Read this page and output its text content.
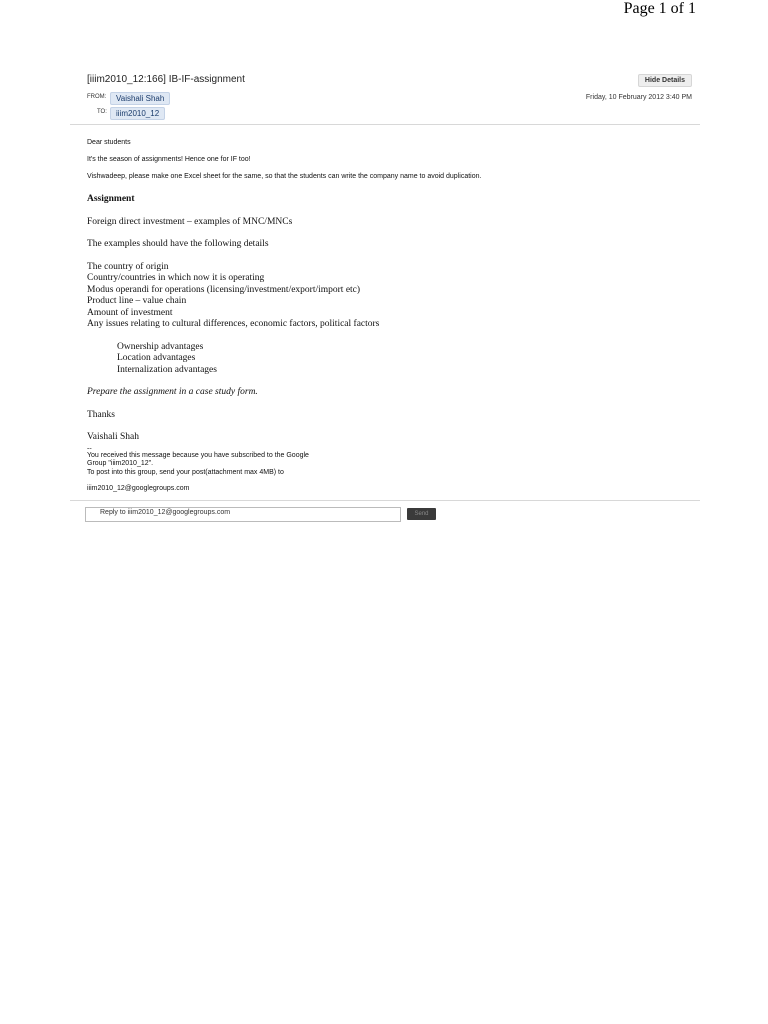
Page 1 of 1
[iiim2010_12:166] IB-IF-assignment	Hide Details
FROM:	Vaishali Shah
TO:	iiim2010_12
Friday, 10 February 2012 3:40 PM

Dear students

It's the season of assignments! Hence one for IF too!

Vishwadeep, please make one Excel sheet for the same, so that the students can write the company name to avoid duplication.

Assignment

Foreign direct investment – examples of MNC/MNCs

The examples should have the following details

The country of origin
Country/countries in which now it is operating
Modus operandi for operations (licensing/investment/export/import etc)
Product line – value chain
Amount of investment
Any issues relating to cultural differences, economic factors, political factors
Ownership advantages
Location advantages
Internalization advantages

Prepare the assignment in a case study form.

Thanks

Vaishali Shah
--

You received this message because you have subscribed to the Google

Group "iiim2010_12".

To post into this group, send your post(attachment max 4MB) to

iiim2010_12@googlegroups.com
Reply to iiim2010_12@googlegroups.com	Send
